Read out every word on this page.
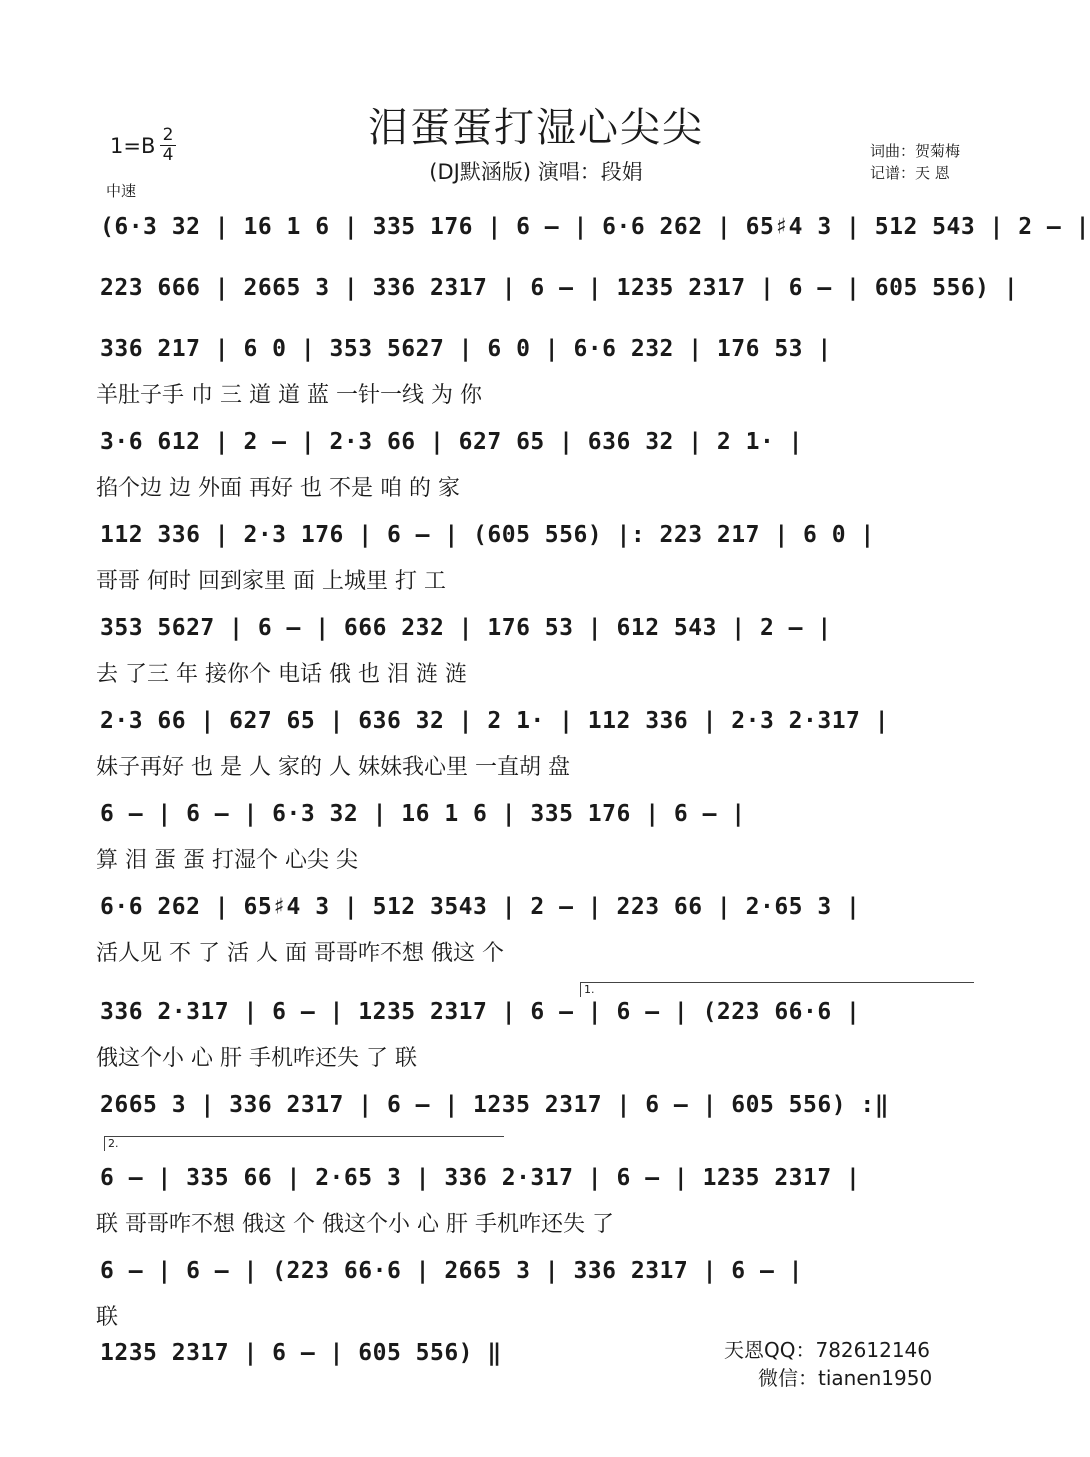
泪蛋蛋打湿心尖尖
(DJ默涵版) 演唱：段娟
词曲：贺菊梅
记谱：天 恩
1=B 2
4
中速
(6·3 32 | 16 1 6 | 335 176 | 6 – | 6·6 262 | 65♯4 3 | 512 543 | 2 – |
223 666 | 2665 3 | 336 2317 | 6 – | 1235 2317 | 6 – | 605 556) |
336 217 | 6 0 | 353 5627 | 6 0 | 6·6 232 | 176 53 |
羊肚子手 巾 三 道 道 蓝 一针一线 为 你
3·6 612 | 2 – | 2·3 66 | 627 65 | 636 32 | 2 1· |
掐个边 边 外面 再好 也 不是 咱 的 家
112 336 | 2·3 176 | 6 – | (605 556) |: 223 217 | 6 0 |
哥哥 何时 回到家里 面 上城里 打 工
353 5627 | 6 – | 666 232 | 176 53 | 612 543 | 2 – |
去 了三 年 接你个 电话 俄 也 泪 涟 涟
2·3 66 | 627 65 | 636 32 | 2 1· | 112 336 | 2·3 2·317 |
妹子再好 也 是 人 家的 人 妹妹我心里 一直胡 盘
6 – | 6 – | 6·3 32 | 16 1 6 | 335 176 | 6 – |
算 泪 蛋 蛋 打湿个 心尖 尖
6·6 262 | 65♯4 3 | 512 3543 | 2 – | 223 66 | 2·65 3 |
活人见 不 了 活 人 面 哥哥咋不想 俄这 个
1.
336 2·317 | 6 – | 1235 2317 | 6 – | 6 – | (223 66·6 |
俄这个小 心 肝 手机咋还失 了 联
2665 3 | 336 2317 | 6 – | 1235 2317 | 6 – | 605 556) :‖
2.
6 – | 335 66 | 2·65 3 | 336 2·317 | 6 – | 1235 2317 |
联 哥哥咋不想 俄这 个 俄这个小 心 肝 手机咋还失 了
6 – | 6 – | (223 66·6 | 2665 3 | 336 2317 | 6 – |
联
1235 2317 | 6 – | 605 556) ‖	天恩QQ：782612146
微信：tianen1950
